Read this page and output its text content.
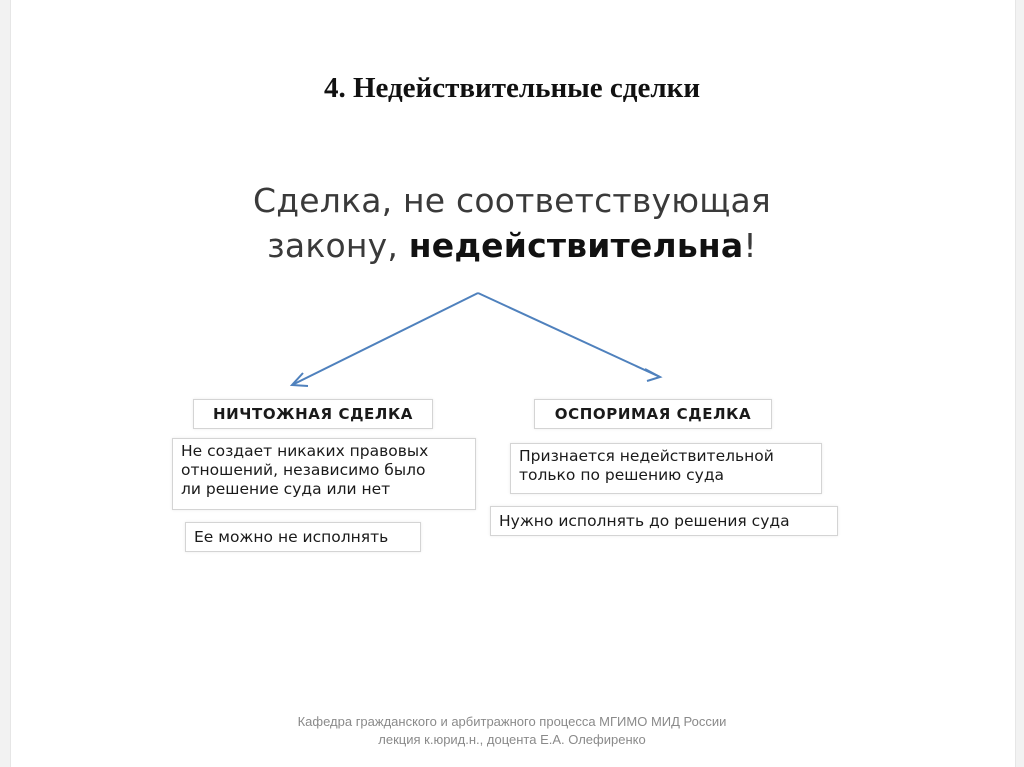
4. Недействительные сделки
Сделка, не соответствующая
закону, недействительна!
НИЧТОЖНАЯ СДЕЛКА
Не создает никаких правовых
отношений, независимо было
ли решение суда или нет
Ее можно не исполнять
ОСПОРИМАЯ СДЕЛКА
Признается недействительной
только по решению суда
Нужно исполнять до решения суда
Кафедра гражданского и арбитражного процесса МГИМО МИД России
лекция к.юрид.н., доцента Е.А. Олефиренко
